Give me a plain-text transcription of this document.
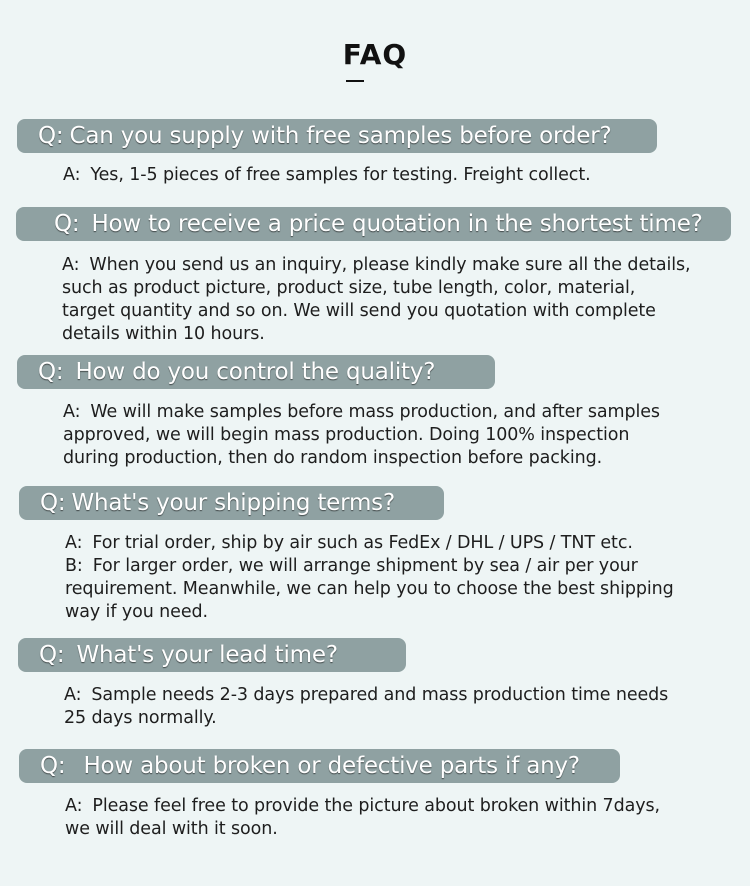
FAQ
Q: Can you supply with free samples before order?
A: Yes, 1-5 pieces of free samples for testing. Freight collect.
Q: How to receive a price quotation in the shortest time?
A: When you send us an inquiry, please kindly make sure all the details,
such as product picture, product size, tube length, color, material,
target quantity and so on. We will send you quotation with complete
details within 10 hours.
Q: How do you control the quality?
A: We will make samples before mass production, and after samples
approved, we will begin mass production. Doing 100% inspection
during production, then do random inspection before packing.
Q: What's your shipping terms?
A: For trial order, ship by air such as FedEx / DHL / UPS / TNT etc.
B: For larger order, we will arrange shipment by sea / air per your
requirement. Meanwhile, we can help you to choose the best shipping
way if you need.
Q: What's your lead time?
A: Sample needs 2-3 days prepared and mass production time needs
25 days normally.
Q: How about broken or defective parts if any?
A: Please feel free to provide the picture about broken within 7days,
we will deal with it soon.
